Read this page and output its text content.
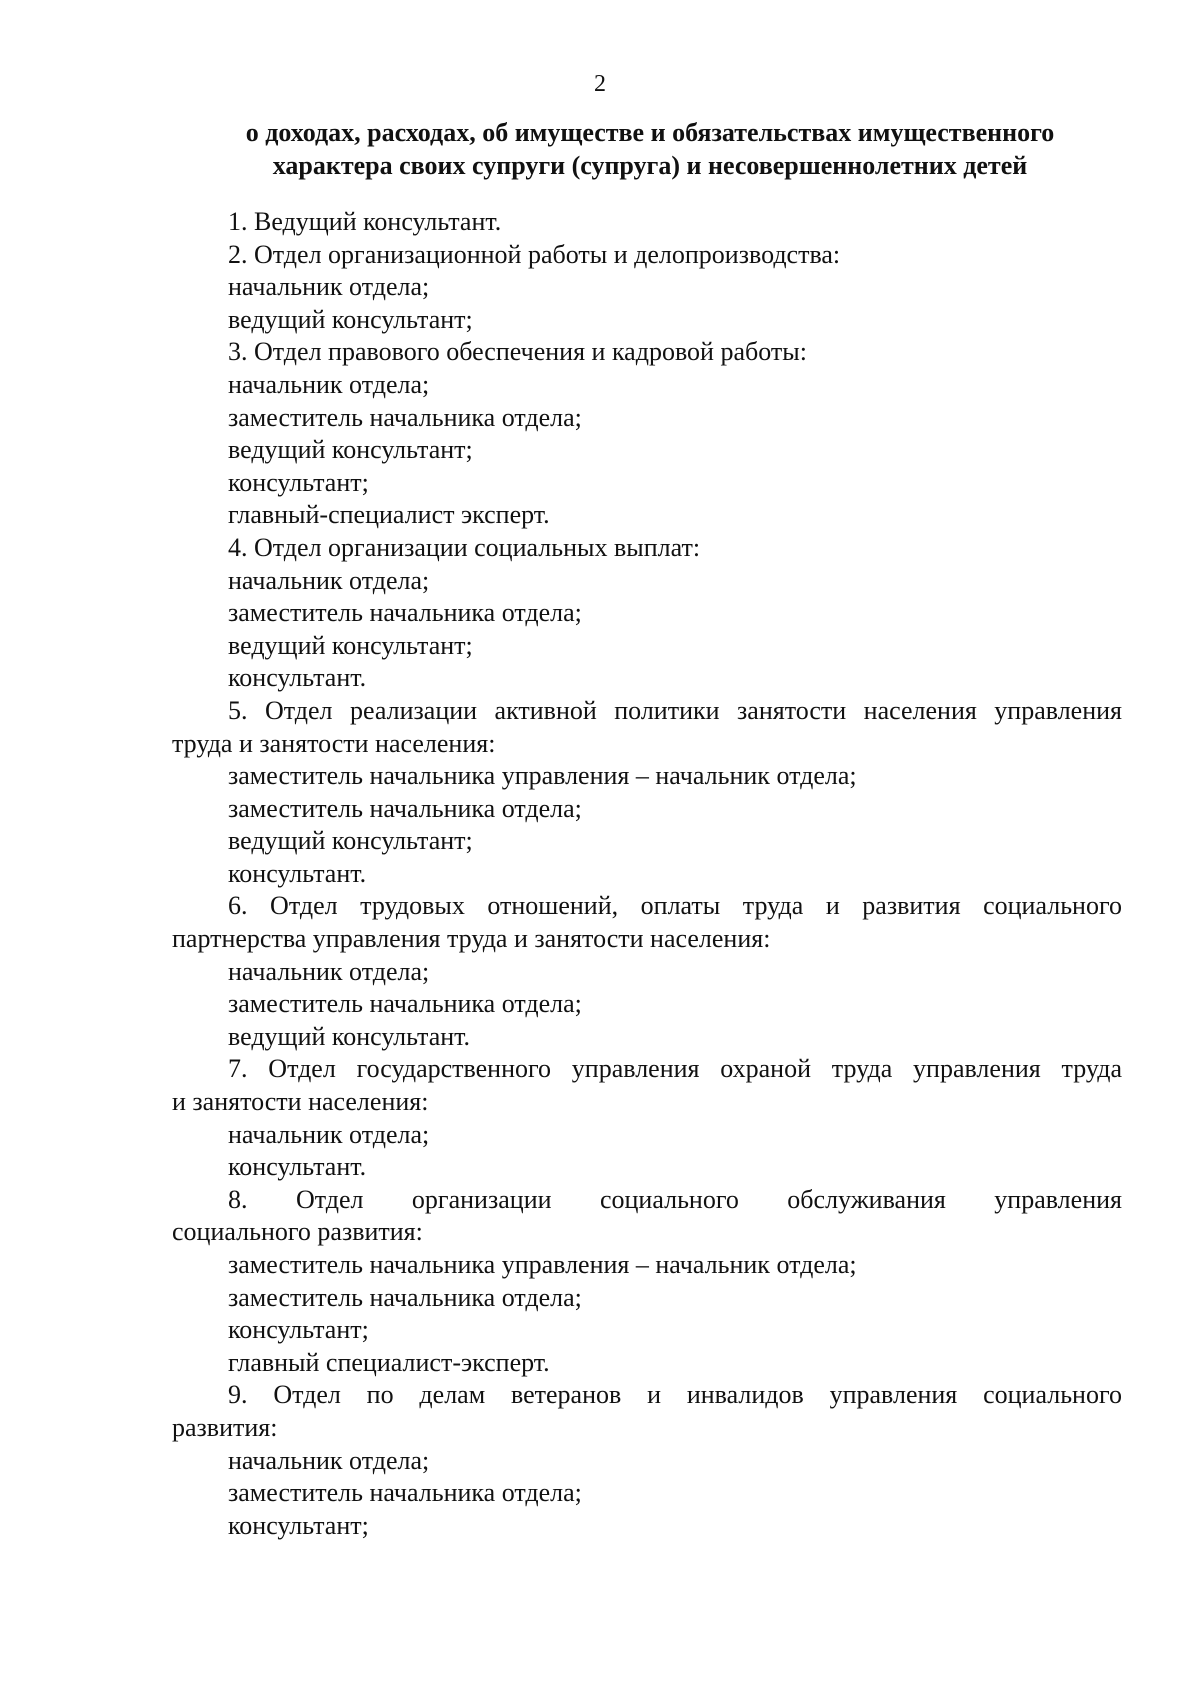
2
о доходах, расходах, об имуществе и обязательствах имущественного
характера своих супруги (супруга) и несовершеннолетних детей
1. Ведущий консультант.
2. Отдел организационной работы и делопроизводства:
начальник отдела;
ведущий консультант;
3. Отдел правового обеспечения и кадровой работы:
начальник отдела;
заместитель начальника отдела;
ведущий консультант;
консультант;
главный-специалист эксперт.
4. Отдел организации социальных выплат:
начальник отдела;
заместитель начальника отдела;
ведущий консультант;
консультант.
5. Отдел реализации активной политики занятости населения управления
труда и занятости населения:
заместитель начальника управления – начальник отдела;
заместитель начальника отдела;
ведущий консультант;
консультант.
6. Отдел трудовых отношений, оплаты труда и развития социального
партнерства управления труда и занятости населения:
начальник отдела;
заместитель начальника отдела;
ведущий консультант.
7. Отдел государственного управления охраной труда управления труда
и занятости населения:
начальник отдела;
консультант.
8. Отдел организации социального обслуживания управления
социального развития:
заместитель начальника управления – начальник отдела;
заместитель начальника отдела;
консультант;
главный специалист-эксперт.
9. Отдел по делам ветеранов и инвалидов управления социального
развития:
начальник отдела;
заместитель начальника отдела;
консультант;
